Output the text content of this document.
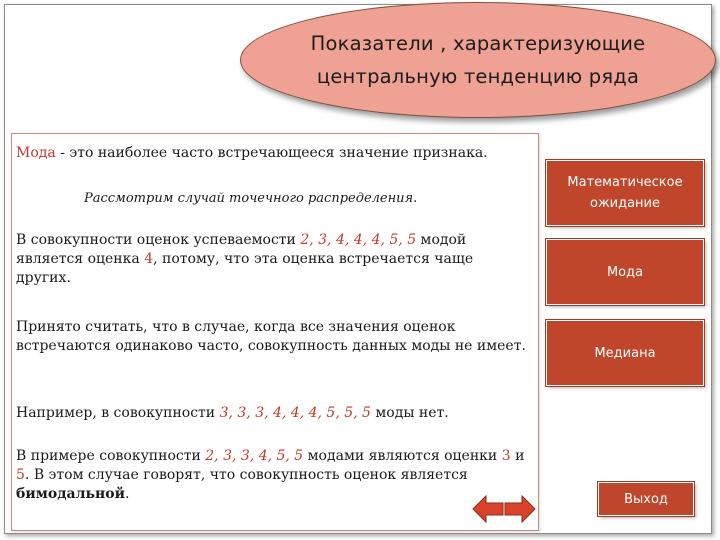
Показатели , характеризующие
центральную тенденцию ряда

Мода - это наиболее часто встречающееся значение признака.

Рассмотрим случай точечного распределения.

В совокупности оценок успеваемости 2, 3, 4, 4, 4, 5, 5 модой является оценка 4, потому, что эта оценка встречается чаще других.

Принято считать, что в случае, когда все значения оценок встречаются одинаково часто, совокупность данных моды не имеет.

Например, в совокупности 3, 3, 3, 4, 4, 4, 5, 5, 5 моды нет.

В примере совокупности 2, 3, 3, 4, 5, 5 модами являются оценки 3 и 5. В этом случае говорят, что совокупность оценок является бимодальной.

Математическое
ожидание
Мода
Медиана
Выход
